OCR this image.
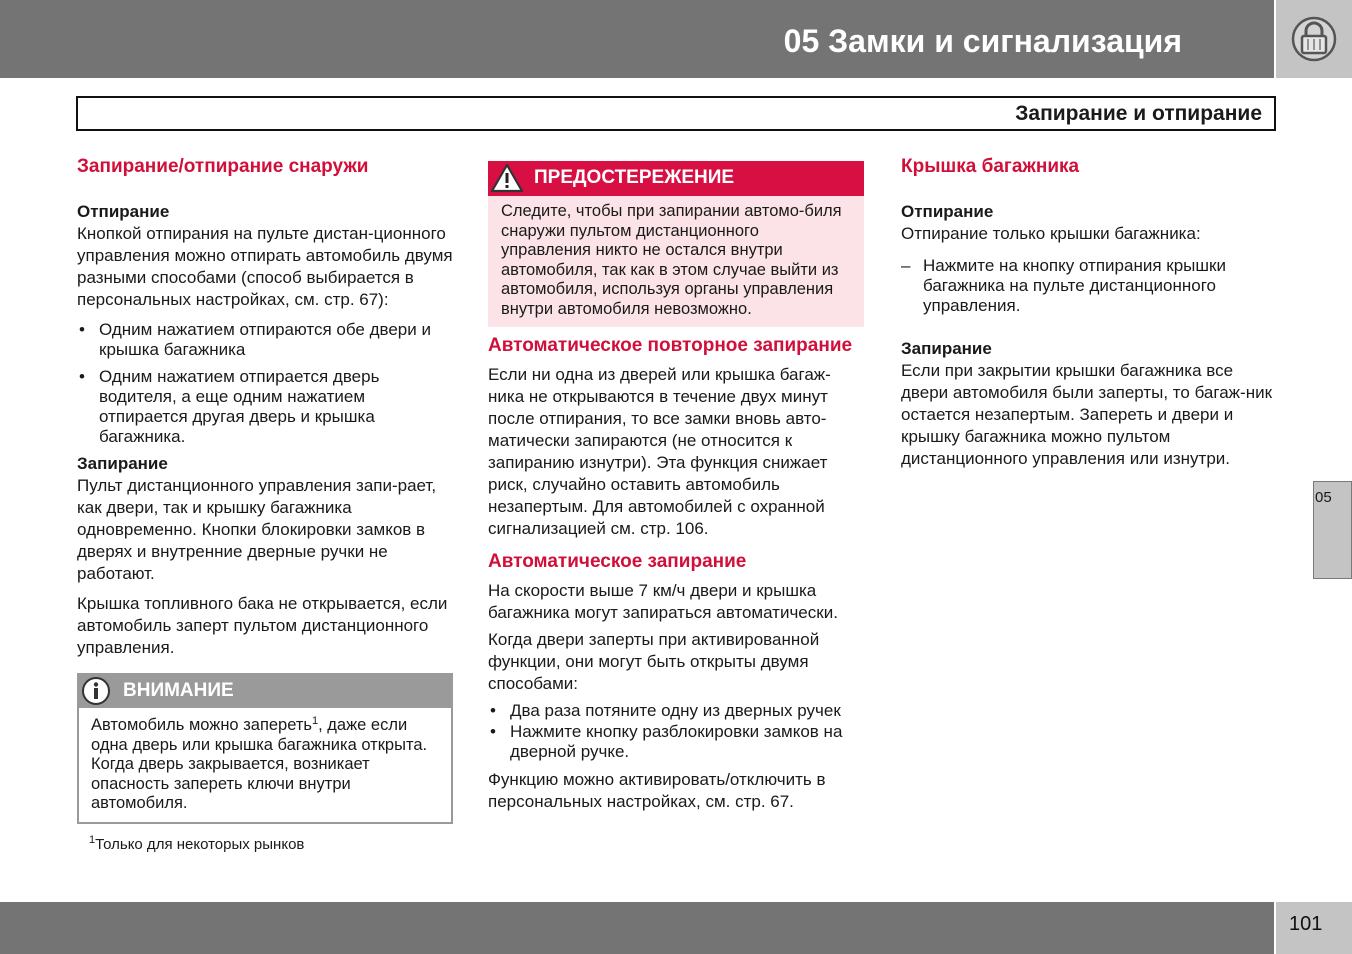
05 Замки и сигнализация
Запирание и отпирание
Запирание/отпирание снаружи
Отпирание

Кнопкой отпирания на пульте дистан-ционного управления можно отпирать автомобиль двумя разными способами (способ выбирается в персональных настройках, см. стр. 67):

• Одним нажатием отпираются обе двери и крышка багажника
• Одним нажатием отпирается дверь водителя, а еще одним нажатием отпирается другая дверь и крышка багажника.
Запирание

Пульт дистанционного управления запи-рает, как двери, так и крышку багажника одновременно. Кнопки блокировки замков в дверях и внутренние дверные ручки не работают.

Крышка топливного бака не открывается, если автомобиль заперт пультом дистанционного управления.

ВНИМАНИЕ
Автомобиль можно запереть$^1$, даже если одна дверь или крышка багажника открыта. Когда дверь закрывается, возникает опасность запереть ключи внутри автомобиля.
$^1$Только для некоторых рынков
ПРЕДОСТЕРЕЖЕНИЕ
Следите, чтобы при запирании автомо-биля снаружи пультом дистанционного управления никто не остался внутри автомобиля, так как в этом случае выйти из автомобиля, используя органы управления внутри автомобиля невозможно.
Автоматическое повторное запирание

Если ни одна из дверей или крышка багаж-ника не открываются в течение двух минут после отпирания, то все замки вновь авто-матически запираются (не относится к запиранию изнутри). Эта функция снижает риск, случайно оставить автомобиль незапертым. Для автомобилей с охранной сигнализацией см. стр. 106.

Автоматическое запирание

На скорости выше 7 км/ч двери и крышка багажника могут запираться автоматически.

Когда двери заперты при активированной функции, они могут быть открыты двумя способами:

• Два раза потяните одну из дверных ручек
• Нажмите кнопку разблокировки замков на дверной ручке.

Функцию можно активировать/отключить в персональных настройках, см. стр. 67.

Крышка багажника
Отпирание

Отпирание только крышки багажника:

– Нажмите на кнопку отпирания крышки багажника на пульте дистанционного управления.
Запирание

Если при закрытии крышки багажника все двери автомобиля были заперты, то багаж-ник остается незапертым. Запереть и двери и крышку багажника можно пультом дистанционного управления или изнутри.

05
101
